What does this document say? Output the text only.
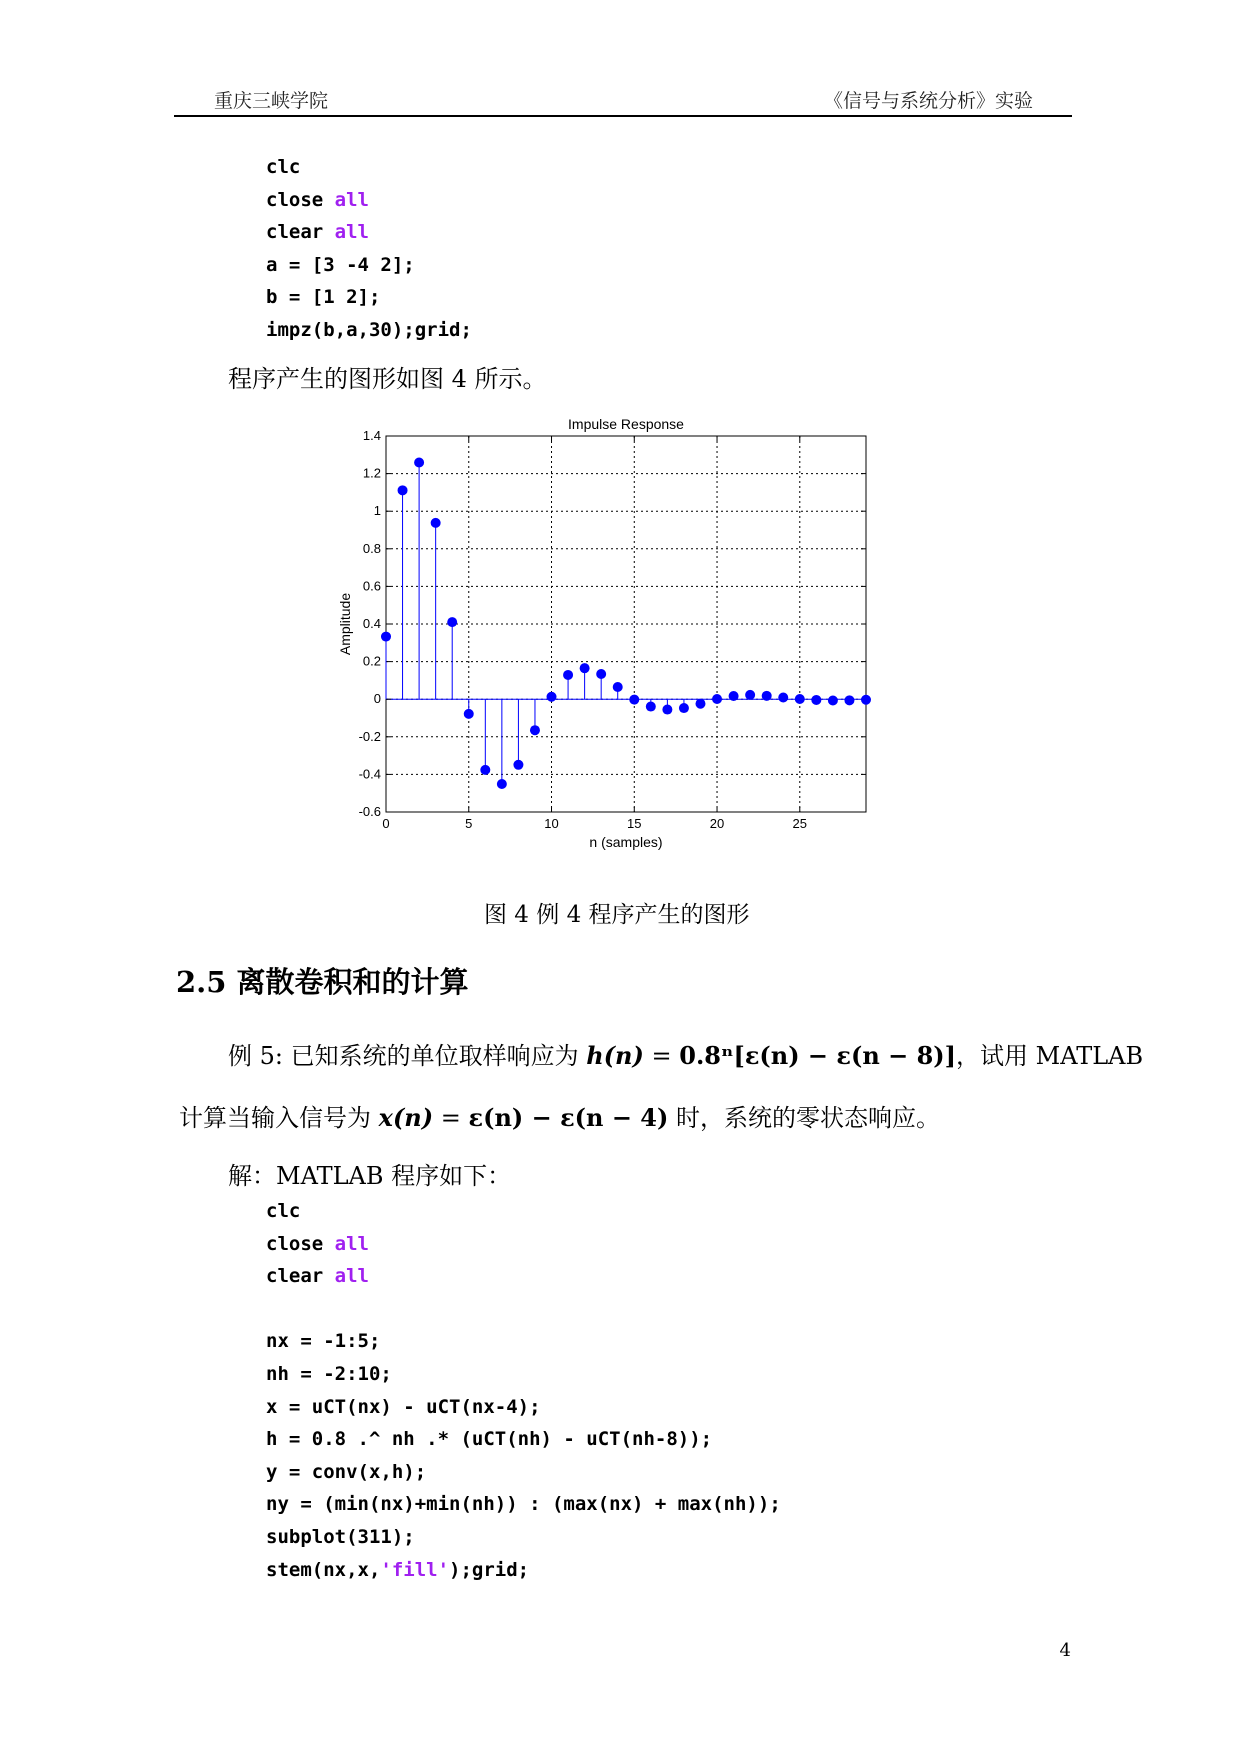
重庆三峡学院	《信号与系统分析》实验
clc
close all
clear all
a = [3 -4 2];
b = [1 2];
impz(b,a,30);grid;
程序产生的图形如图 4 所示。
0	5	10	15	20	25
-0.6
-0.4
-0.2
0
0.2
0.4
0.6
0.8
1
1.2
1.4
Impulse Response
n (samples)
Amplitude
图 4 例 4 程序产生的图形
2.5 离散卷积和的计算
例 5: 已知系统的单位取样响应为 h(n) = 0.8ⁿ[ε(n) − ε(n − 8)]，试用 MATLAB
计算当输入信号为 x(n) = ε(n) − ε(n − 4) 时，系统的零状态响应。
解：MATLAB 程序如下：
clc
close all
clear all
nx = -1:5;
nh = -2:10;
x = uCT(nx) - uCT(nx-4);
h = 0.8 .^ nh .* (uCT(nh) - uCT(nh-8));
y = conv(x,h);
ny = (min(nx)+min(nh)) : (max(nx) + max(nh));
subplot(311);
stem(nx,x,'fill');grid;
4
